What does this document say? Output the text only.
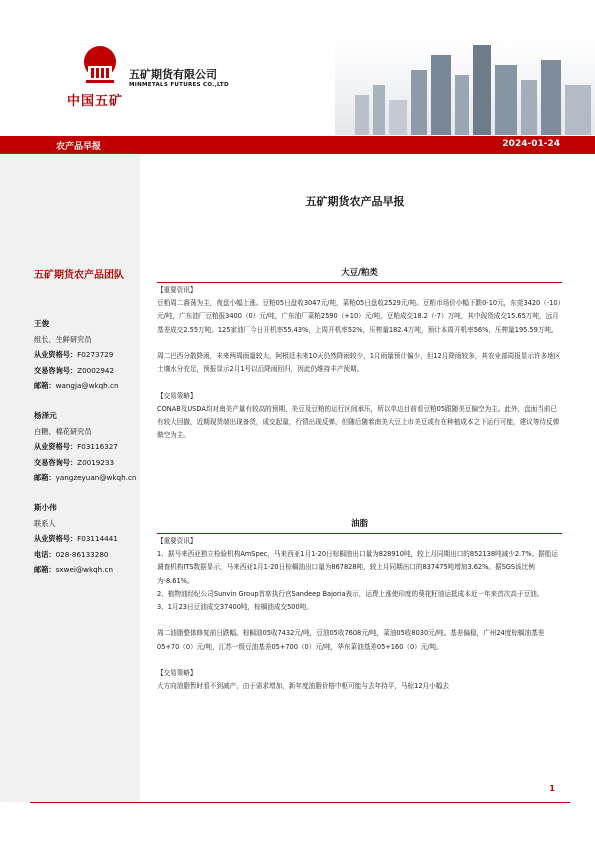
中国五矿
五矿期货有限公司
MINMETALS FUTURES CO.,LTD
农产品早报	2024-01-24
五矿期货农产品团队
王俊
组长、生鲜研究员
从业资格号：F0273729
交易咨询号：Z0002942
邮箱：wangja@wkqh.cn
杨泽元
白糖、棉花研究员
从业资格号：F03116327
交易咨询号：Z0019233
邮箱：yangzeyuan@wkqh.cn
斯小伟
联系人
从业资格号：F03114441
电话：028-86133280
邮箱：sxwei@wkqh.cn
五矿期货农产品早报
大豆/粕类

【重要资讯】

豆粕周二震荡为主，夜盘小幅上涨。豆粕05日盘收3047元/吨，菜粕05日盘收2529元/吨。豆粕市场价小幅下跌0-10元，东莞3420（-10）元/吨，广东油厂豆粕报3400（0）元/吨，广东油厂菜粕2590（+10）元/吨，豆粕成交18.2（-7）万吨，其中现货成交15.65万吨，远月基差成交2.55万吨。125家油厂今日开机率55.43%，上周开机率52%，压榨量182.4万吨，预计本周开机率56%，压榨量195.59万吨。

周二巴西分散降雨，未来两周雨量较大，阿根廷未来10天仍然降雨较少，1月雨量预计偏少，但12月降雨较多，其农业部周报显示许多地区土壤水分充足，预报显示2月1号以后降雨回归，因此仍维持丰产预期。

【交易策略】

CONAB及USDA均对南美产量有较高的预期，美豆及豆粕的运行区间承压，所以单边目前看豆粕05跟随美豆偏空为主。此外，盘面当前已有较大回撤，近期现货端出现备货，成交起量，行情出现反弹，但随后随着南美大豆上市美豆或有在种植成本之下运行可能，建议等待反弹做空为主。

油脂

【重要资讯】

1、据马来西亚独立检验机构AmSpec，马来西亚1月1-20日棕榈油出口量为828910吨，较上月同期出口的852138吨减少2.7%。据船运调查机构ITS数据显示，马来西亚1月1-20日棕榈油出口量为867828吨，较上月同期出口的837475吨增加3.62%。据SGS该比例为-8.61%。

2、植物油经纪公司Sunvin Group首席执行官Sandeep Bajoria表示，运费上涨使印度的葵花籽油运抵成本近一年来首次高于豆油。

3、1月23日豆油成交37400吨，棕榈油成交500吨。

周二油脂整体修复前日跌幅。棕榈油05收7432元/吨，豆油05收7608元/吨，菜油05收8030元/吨。基差偏稳，广州24度棕榈油基差05+70（0）元/吨，江苏一级豆油基差05+700（0）元/吨，华东菜油基差05+160（0）元/吨。

【交易策略】

大方向油脂暂时看不到减产，由于需求增加，新年度油脂价格中枢可能与去年持平，马棕12月小幅去

1
